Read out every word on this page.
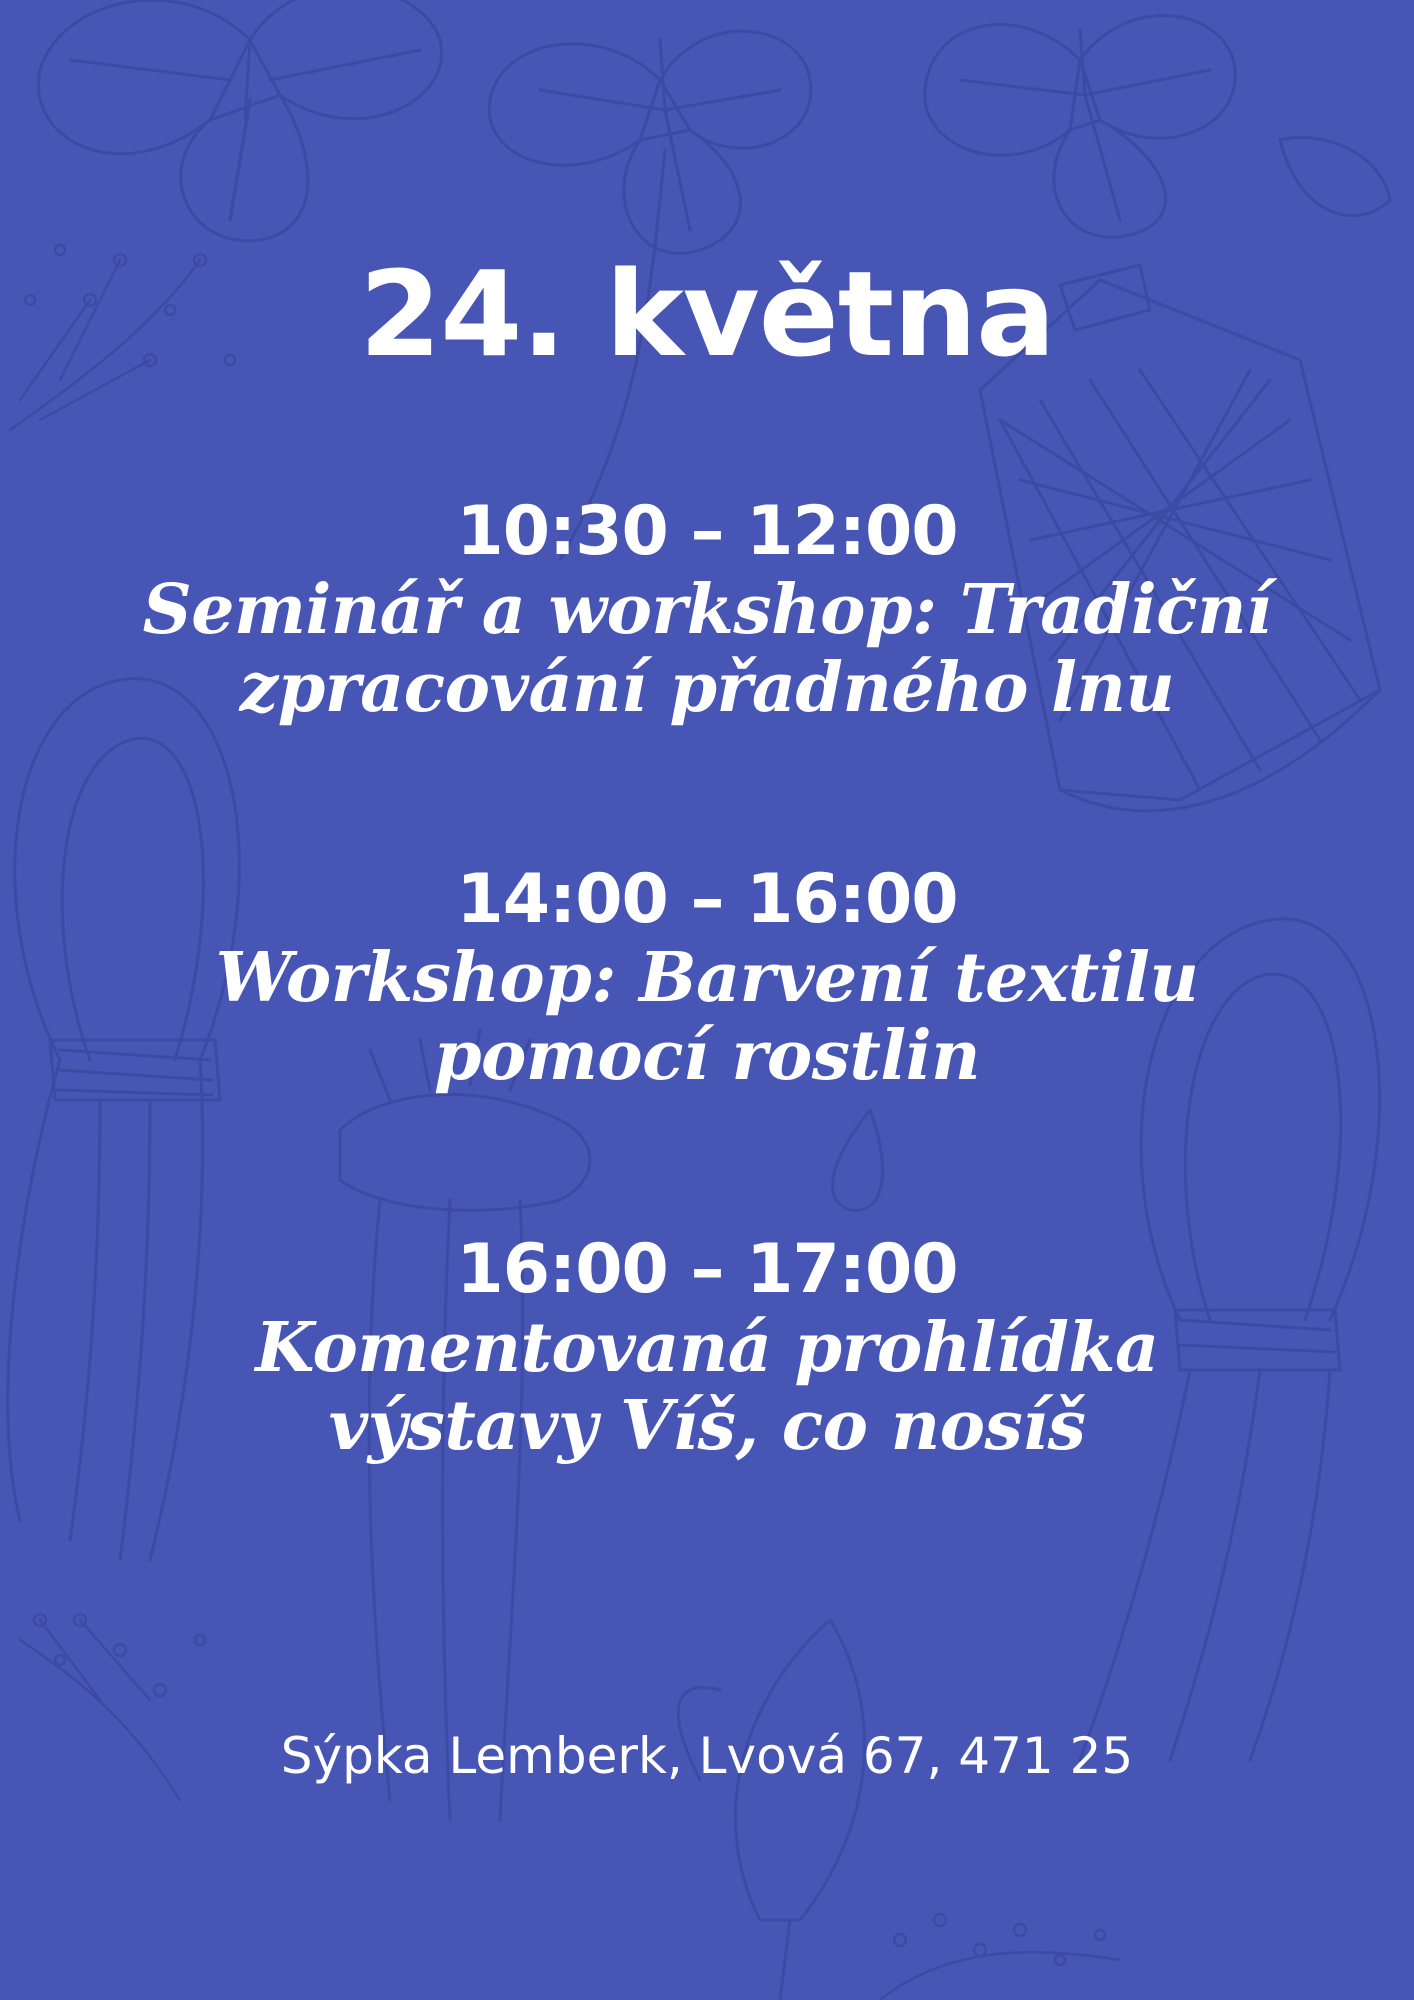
24. května
10:30 – 12:00
Seminář a workshop: Tradiční
zpracování přadného lnu
14:00 – 16:00
Workshop: Barvení textilu
pomocí rostlin
16:00 – 17:00
Komentovaná prohlídka
výstavy Víš, co nosíš
Sýpka Lemberk, Lvová 67, 471 25
